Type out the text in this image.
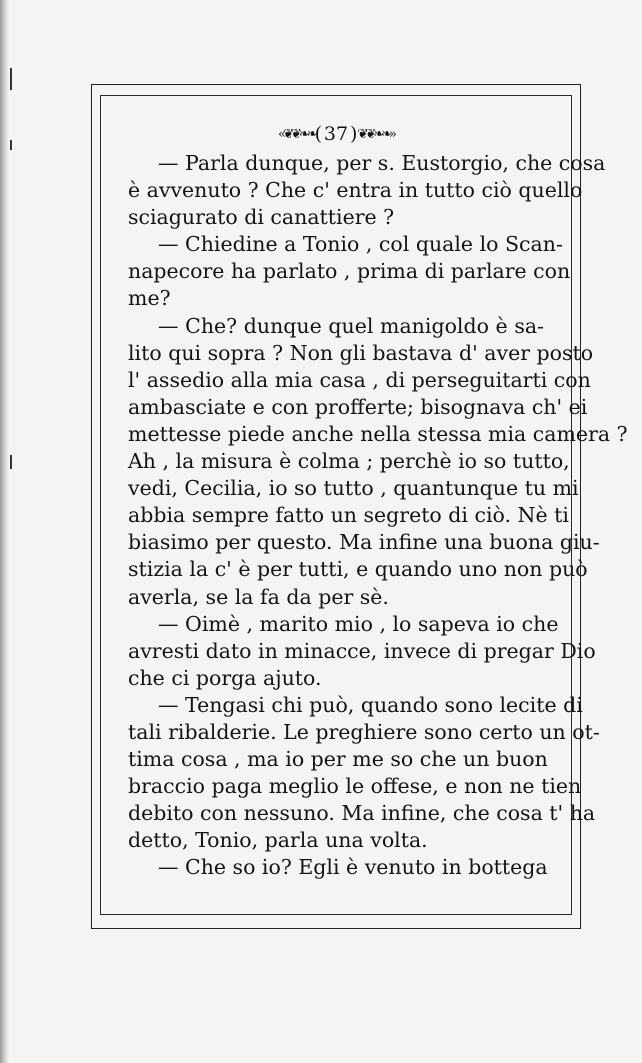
«❦❦❧❧(  37  )❦❦❧❧»
— Parla dunque, per s. Eustorgio, che cosa
è avvenuto ? Che c' entra in tutto ciò quello
sciagurato di canattiere ?
— Chiedine a Tonio , col quale lo Scan-
napecore ha parlato , prima di parlare con
me?
— Che? dunque quel manigoldo è sa-
lito qui sopra ? Non gli bastava d' aver posto
l' assedio alla mia casa , di perseguitarti con
ambasciate e con profferte; bisognava ch' ei
mettesse piede anche nella stessa mia camera ?
Ah , la misura è colma ; perchè io so tutto,
vedi, Cecilia, io so tutto , quantunque tu mi
abbia sempre fatto un segreto di ciò. Nè ti
biasimo per questo. Ma infine una buona giu-
stizia la c' è per tutti, e quando uno non può
averla, se la fa da per sè.
— Oimè , marito mio , lo sapeva io che
avresti dato in minacce, invece di pregar Dio
che ci porga ajuto.
— Tengasi chi può, quando sono lecite di
tali ribalderie. Le preghiere sono certo un ot-
tima cosa , ma io per me so che un buon
braccio paga meglio le offese, e non ne tien
debito con nessuno. Ma infine, che cosa t' ha
detto, Tonio, parla una volta.
— Che so io? Egli è venuto in bottega
